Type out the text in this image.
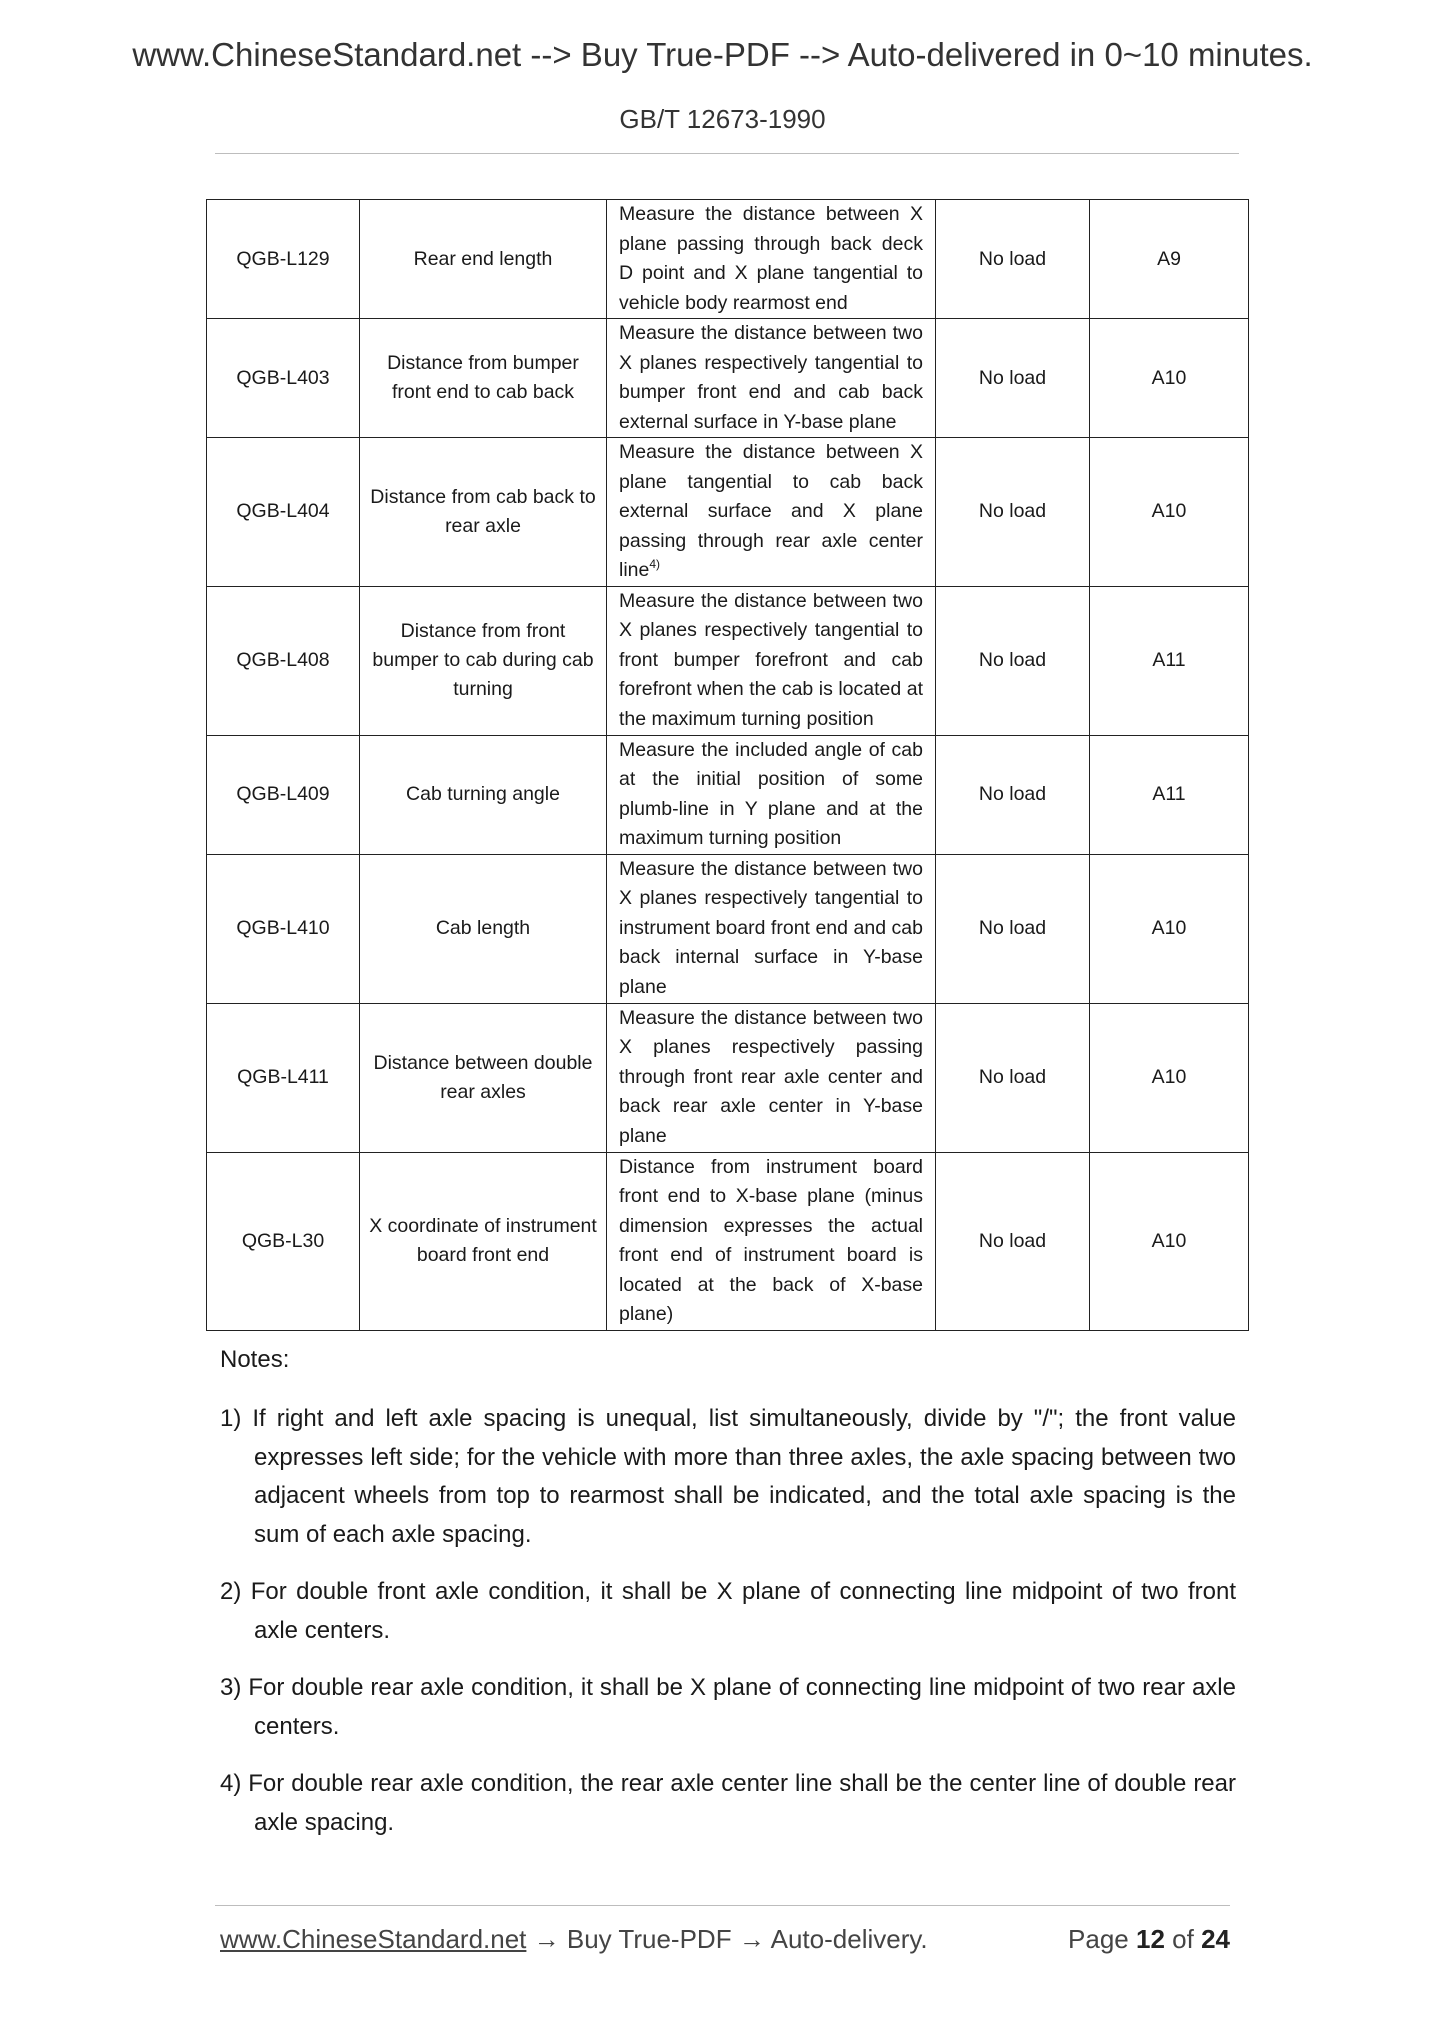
www.ChineseStandard.net --> Buy True-PDF --> Auto-delivered in 0~10 minutes.
GB/T 12673-1990
QGB-L129	Rear end length	Measure the distance between X plane passing through back deck D point and X plane tangential to vehicle body rearmost end	No load	A9
QGB-L403	Distance from bumper front end to cab back	Measure the distance between two X planes respectively tangential to bumper front end and cab back external surface in Y-base plane	No load	A10
QGB-L404	Distance from cab back to rear axle	Measure the distance between X plane tangential to cab back external surface and X plane passing through rear axle center line$^{4)}$	No load	A10
QGB-L408	Distance from front bumper to cab during cab turning	Measure the distance between two X planes respectively tangential to front bumper forefront and cab forefront when the cab is located at the maximum turning position	No load	A11
QGB-L409	Cab turning angle	Measure the included angle of cab at the initial position of some plumb-line in Y plane and at the maximum turning position	No load	A11
QGB-L410	Cab length	Measure the distance between two X planes respectively tangential to instrument board front end and cab back internal surface in Y-base plane	No load	A10
QGB-L411	Distance between double rear axles	Measure the distance between two X planes respectively passing through front rear axle center and back rear axle center in Y-base plane	No load	A10
QGB-L30	X coordinate of instrument board front end	Distance from instrument board front end to X-base plane (minus dimension expresses the actual front end of instrument board is located at the back of X-base plane)	No load	A10
Notes:

1) If right and left axle spacing is unequal, list simultaneously, divide by "/"; the front value expresses left side; for the vehicle with more than three axles, the axle spacing between two adjacent wheels from top to rearmost shall be indicated, and the total axle spacing is the sum of each axle spacing.

2) For double front axle condition, it shall be X plane of connecting line midpoint of two front axle centers.

3) For double rear axle condition, it shall be X plane of connecting line midpoint of two rear axle centers.

4) For double rear axle condition, the rear axle center line shall be the center line of double rear axle spacing.

www.ChineseStandard.net → Buy True-PDF → Auto-delivery.	Page 12 of 24
